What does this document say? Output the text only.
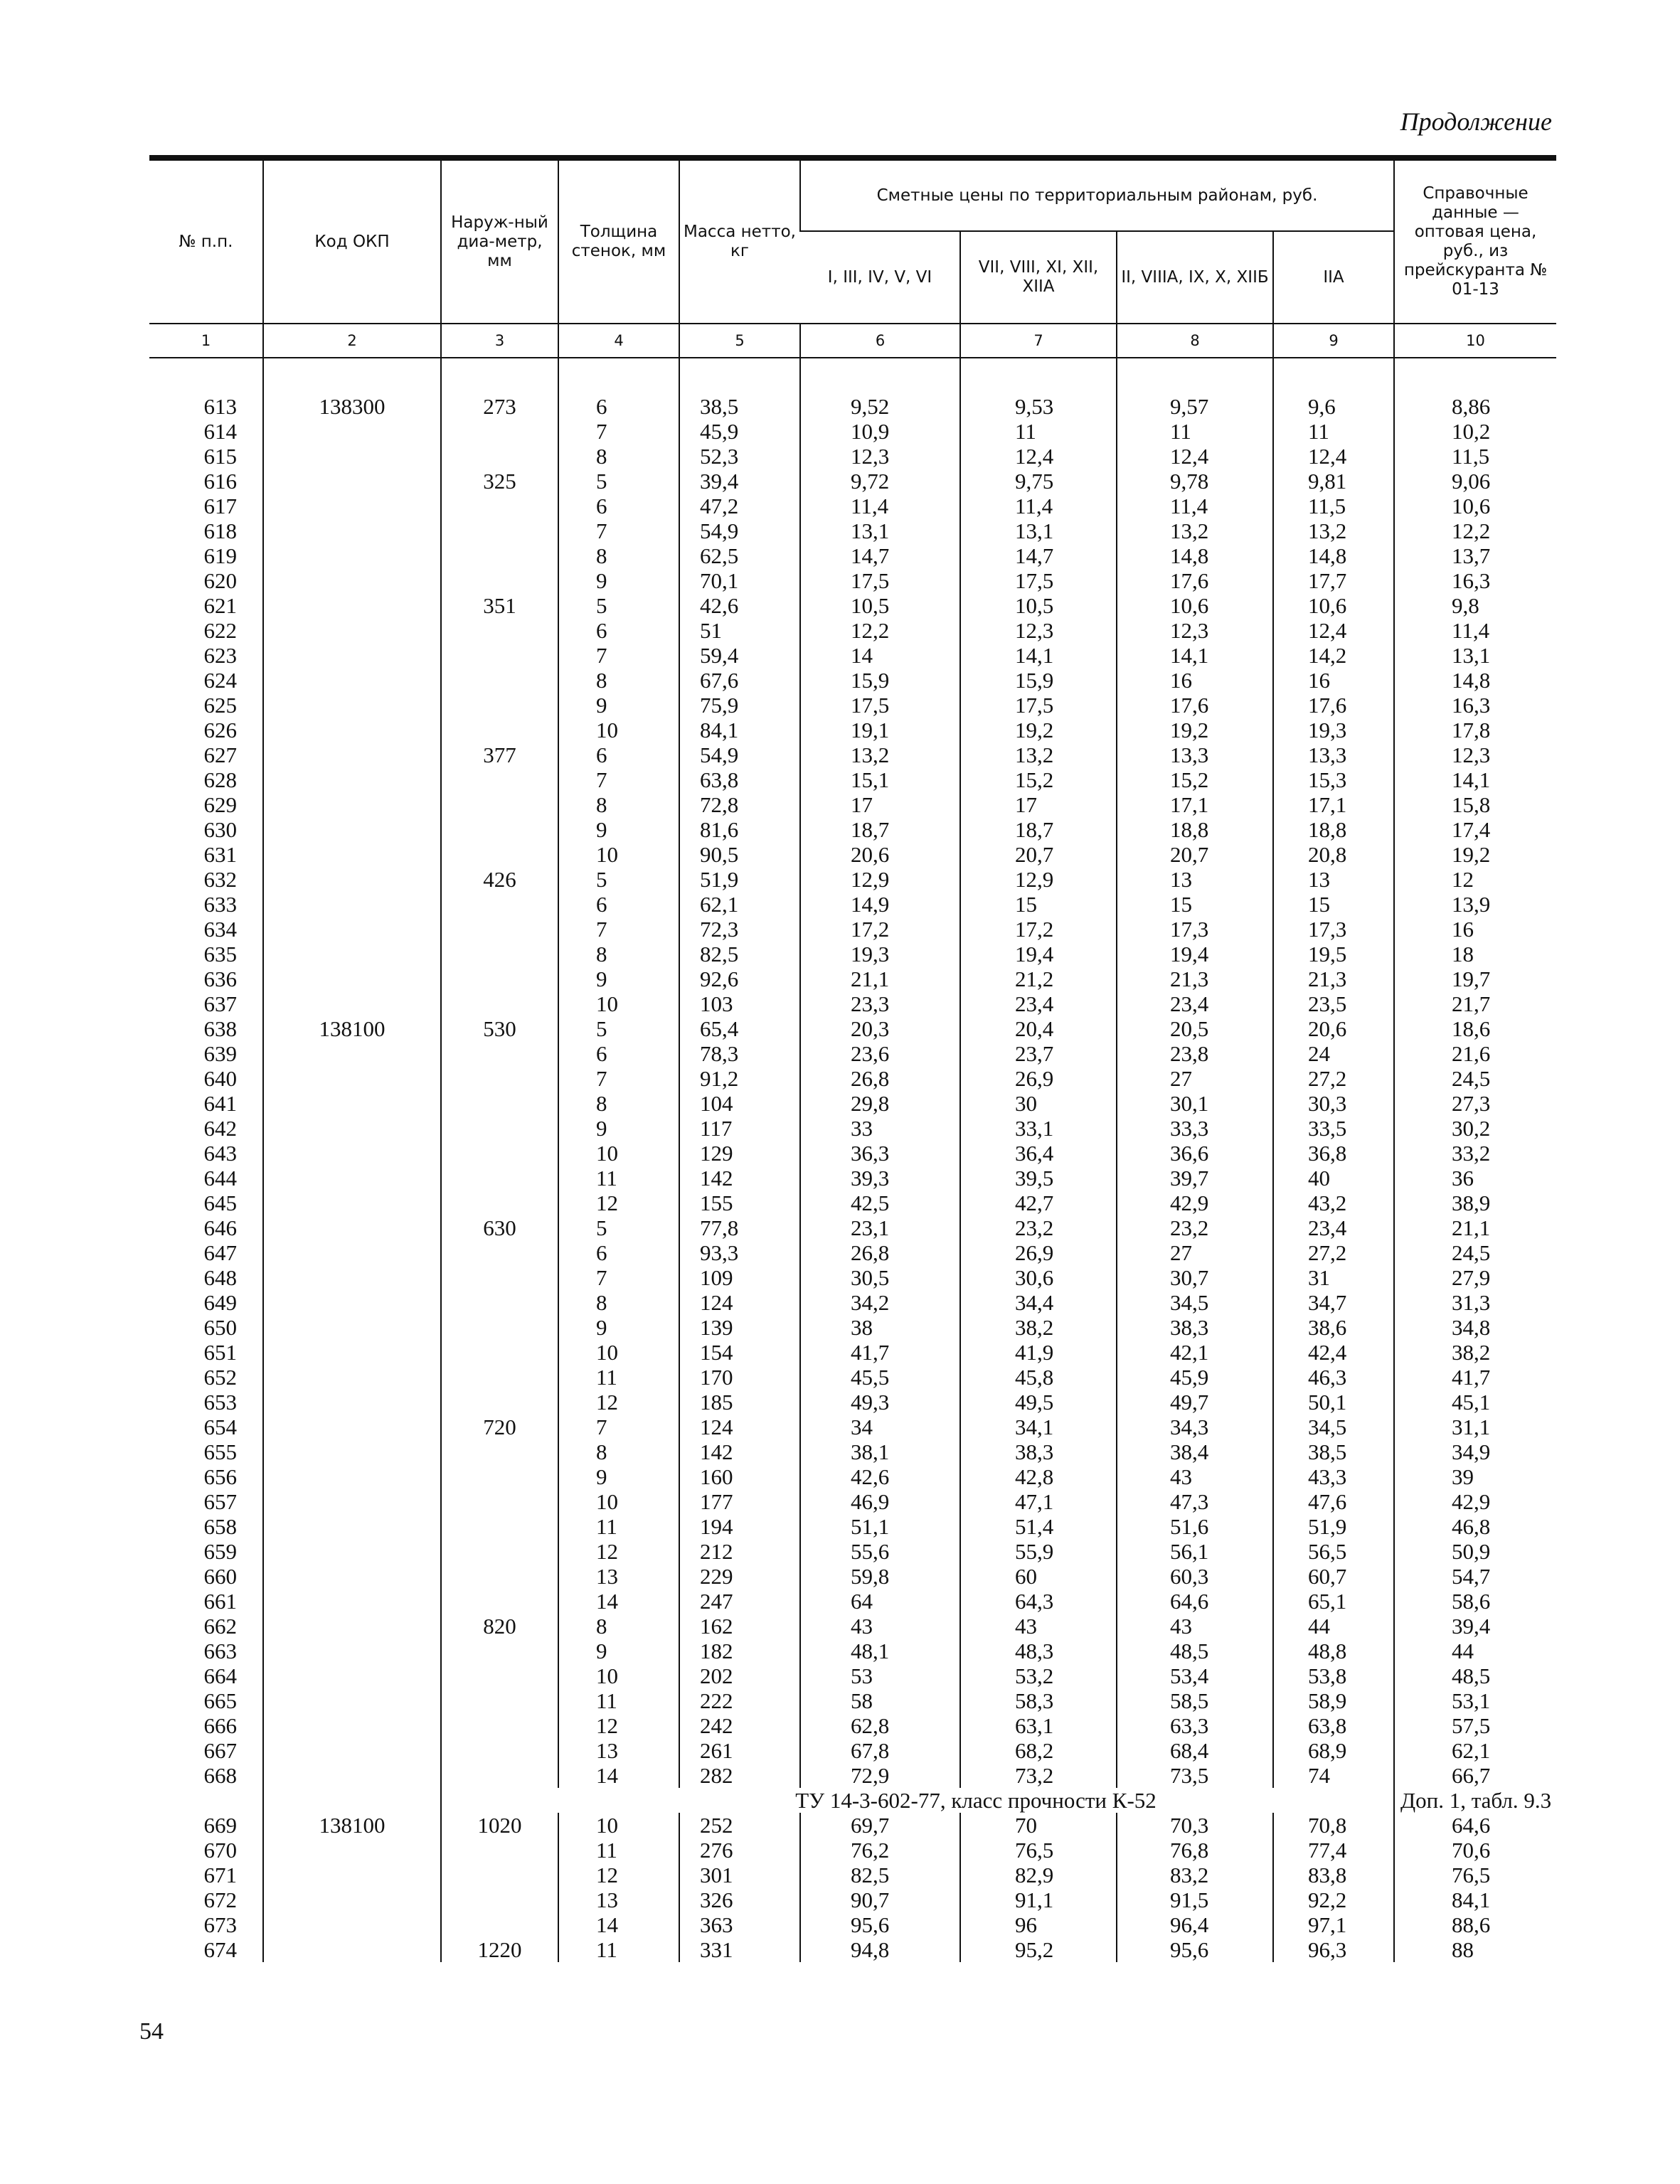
Продолжение
№ п.п.	Код ОКП	Наруж-ный диа-метр, мм	Толщина стенок, мм	Масса нетто, кг	Сметные цены по территориальным районам, руб.				Справочные данные — оптовая цена, руб., из прейскуранта № 01-13
					I, III, IV, V, VI	VII, VIII, XI, XII, XIIA	II, VIIIA, IX, X, XIIБ	IIA	
1	2	3	4	5	6	7	8	9	10

613	138300	273	6	38,5	9,52	9,53	9,57	9,6	8,86
614			7	45,9	10,9	11	11	11	10,2
615			8	52,3	12,3	12,4	12,4	12,4	11,5
616		325	5	39,4	9,72	9,75	9,78	9,81	9,06
617			6	47,2	11,4	11,4	11,4	11,5	10,6
618			7	54,9	13,1	13,1	13,2	13,2	12,2
619			8	62,5	14,7	14,7	14,8	14,8	13,7
620			9	70,1	17,5	17,5	17,6	17,7	16,3
621		351	5	42,6	10,5	10,5	10,6	10,6	9,8
622			6	51	12,2	12,3	12,3	12,4	11,4
623			7	59,4	14	14,1	14,1	14,2	13,1
624			8	67,6	15,9	15,9	16	16	14,8
625			9	75,9	17,5	17,5	17,6	17,6	16,3
626			10	84,1	19,1	19,2	19,2	19,3	17,8
627		377	6	54,9	13,2	13,2	13,3	13,3	12,3
628			7	63,8	15,1	15,2	15,2	15,3	14,1
629			8	72,8	17	17	17,1	17,1	15,8
630			9	81,6	18,7	18,7	18,8	18,8	17,4
631			10	90,5	20,6	20,7	20,7	20,8	19,2
632		426	5	51,9	12,9	12,9	13	13	12
633			6	62,1	14,9	15	15	15	13,9
634			7	72,3	17,2	17,2	17,3	17,3	16
635			8	82,5	19,3	19,4	19,4	19,5	18
636			9	92,6	21,1	21,2	21,3	21,3	19,7
637			10	103	23,3	23,4	23,4	23,5	21,7
638	138100	530	5	65,4	20,3	20,4	20,5	20,6	18,6
639			6	78,3	23,6	23,7	23,8	24	21,6
640			7	91,2	26,8	26,9	27	27,2	24,5
641			8	104	29,8	30	30,1	30,3	27,3
642			9	117	33	33,1	33,3	33,5	30,2
643			10	129	36,3	36,4	36,6	36,8	33,2
644			11	142	39,3	39,5	39,7	40	36
645			12	155	42,5	42,7	42,9	43,2	38,9
646		630	5	77,8	23,1	23,2	23,2	23,4	21,1
647			6	93,3	26,8	26,9	27	27,2	24,5
648			7	109	30,5	30,6	30,7	31	27,9
649			8	124	34,2	34,4	34,5	34,7	31,3
650			9	139	38	38,2	38,3	38,6	34,8
651			10	154	41,7	41,9	42,1	42,4	38,2
652			11	170	45,5	45,8	45,9	46,3	41,7
653			12	185	49,3	49,5	49,7	50,1	45,1
654		720	7	124	34	34,1	34,3	34,5	31,1
655			8	142	38,1	38,3	38,4	38,5	34,9
656			9	160	42,6	42,8	43	43,3	39
657			10	177	46,9	47,1	47,3	47,6	42,9
658			11	194	51,1	51,4	51,6	51,9	46,8
659			12	212	55,6	55,9	56,1	56,5	50,9
660			13	229	59,8	60	60,3	60,7	54,7
661			14	247	64	64,3	64,6	65,1	58,6
662		820	8	162	43	43	43	44	39,4
663			9	182	48,1	48,3	48,5	48,8	44
664			10	202	53	53,2	53,4	53,8	48,5
665			11	222	58	58,3	58,5	58,9	53,1
666			12	242	62,8	63,1	63,3	63,8	57,5
667			13	261	67,8	68,2	68,4	68,9	62,1
668			14	282	72,9	73,2	73,5	74	66,7
			ТУ 14-3-602-77, класс прочности К-52						Доп. 1, табл. 9.3
669	138100	1020	10	252	69,7	70	70,3	70,8	64,6
670			11	276	76,2	76,5	76,8	77,4	70,6
671			12	301	82,5	82,9	83,2	83,8	76,5
672			13	326	90,7	91,1	91,5	92,2	84,1
673			14	363	95,6	96	96,4	97,1	88,6
674		1220	11	331	94,8	95,2	95,6	96,3	88
54
